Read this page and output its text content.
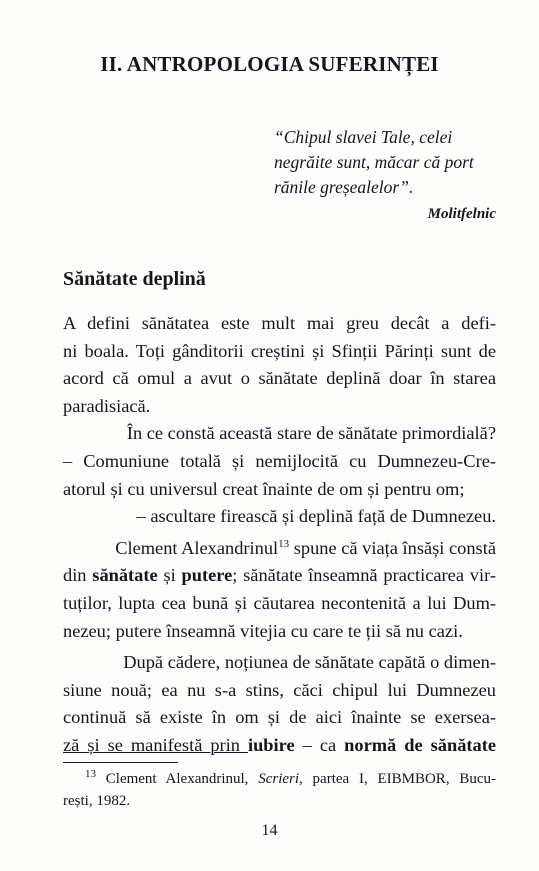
II. ANTROPOLOGIA SUFERINȚEI
“Chipul slavei Tale, celei
negrăite sunt, măcar că port
rănile greșealelor”.

Molitfelnic

Sănătate deplină
A defini sănătatea este mult mai greu decât a defi-
ni boala. Toți gânditorii creștini și Sfinții Părinți sunt de
acord că omul a avut o sănătate deplină doar în starea
paradisiacă.
În ce constă această stare de sănătate primordială?
– Comuniune totală și nemijlocită cu Dumnezeu-Cre-
atorul și cu universul creat înainte de om și pentru om;
– ascultare firească și deplină față de Dumnezeu.
Clement Alexandrinul$^{13}$ spune că viața însăși constă
din sănătate și putere; sănătate înseamnă practicarea vir-
tuților, lupta cea bună și căutarea necontenită a lui Dum-
nezeu; putere înseamnă vitejia cu care te ții să nu cazi.
După cădere, noțiunea de sănătate capătă o dimen-
siune nouă; ea nu s-a stins, căci chipul lui Dumnezeu
continuă să existe în om și de aici înainte se exersea-
ză și se manifestă prin iubire – ca normă de sănătate
$^{13}$ Clement Alexandrinul, Scrieri, partea I, EIBMBOR, Bucu-
rești, 1982.

14
